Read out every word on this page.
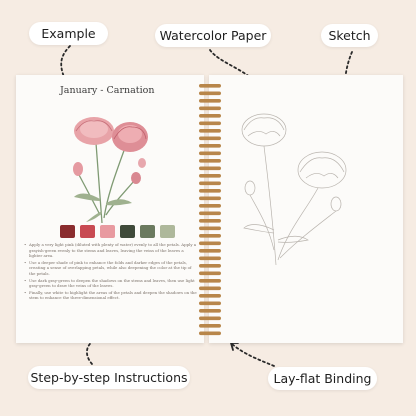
Example	Watercolor Paper	Sketch
Step-by-step Instructions	Lay-flat Binding
January - Carnation
• Apply a very light pink (diluted with plenty of water) evenly to all the petals. Apply a grayish-green evenly to the stems and leaves, leaving the veins of the leaves a lighter area.
• Use a deeper shade of pink to enhance the folds and darker edges of the petals, creating a sense of overlapping petals, while also deepening the color at the tip of the petals.
• Use dark gray-green to deepen the shadows on the stems and leaves, then use light gray-green to draw the veins of the leaves.
• Finally, use white to highlight the areas of the petals and deepen the shadows on the stem to enhance the three-dimensional effect.
